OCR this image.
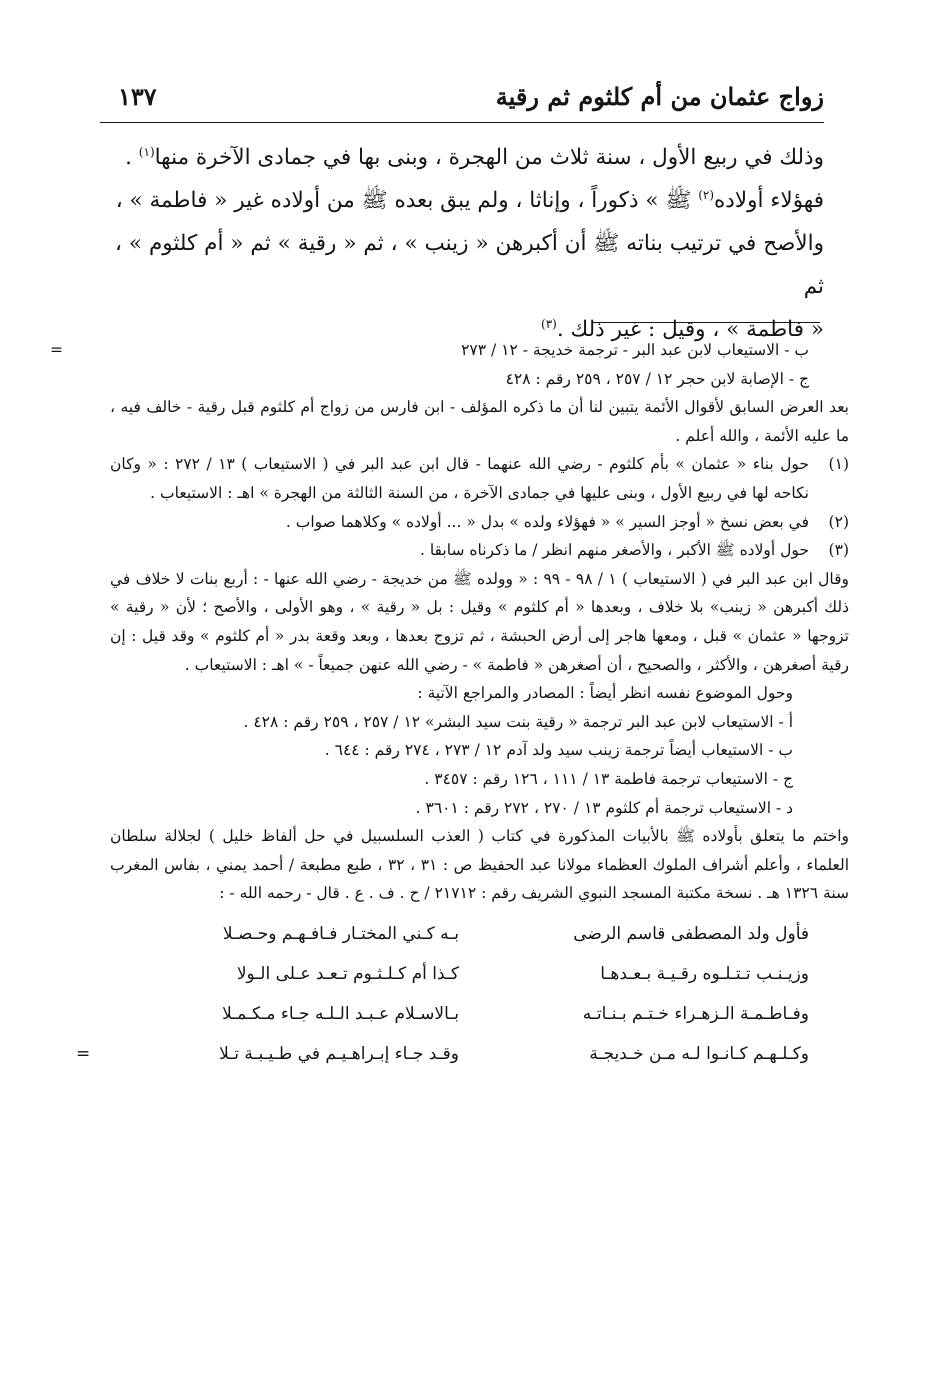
زواج عثمان من أم كلثوم ثم رقية
١٣٧

وذلك في ربيع الأول ، سنة ثلاث من الهجرة ، وبنى بها في جمادى الآخرة منها$^{(١)}$ .

فهؤلاء أولاده$^{(٢)}$ ﷺ » ذكوراً ، وإناثا ، ولم يبق بعده ﷺ من أولاده غير « فاطمة » ،

والأصح في ترتيب بناته ﷺ أن أكبرهن « زينب » ، ثم « رقية » ثم « أم كلثوم » ، ثم

« فاطمة » ، وقيل : غير ذلك .$^{(٣)}$

=	ب - الاستيعاب لابن عبد البر - ترجمة خديجة - ١٢ / ٢٧٣
ج - الإصابة لابن حجر ١٢ / ٢٥٧ ، ٢٥٩ رقم : ٤٢٨
بعد العرض السابق لأقوال الأئمة يتبين لنا أن ما ذكره المؤلف - ابن فارس من زواج أم كلثوم قبل رقية - خالف فيه ، ما عليه الأئمة ، والله أعلم .
(١)
حول بناء « عثمان » بأم كلثوم - رضي الله عنهما - قال ابن عبد البر في ( الاستيعاب ) ١٣ / ٢٧٢ : « وكان نكاحه لها في ربيع الأول ، وبنى عليها في جمادى الآخرة ، من السنة الثالثة من الهجرة » اهـ : الاستيعاب .
(٢)
في بعض نسخ « أوجز السير » « فهؤلاء ولده » بدل « ... أولاده » وكلاهما صواب .
(٣)
حول أولاده ﷺ الأكبر ، والأصغر منهم انظر / ما ذكرناه سابقا .
وقال ابن عبد البر في ( الاستيعاب ) ١ / ٩٨ - ٩٩ : « وولده ﷺ من خديجة - رضي الله عنها - : أربع بنات لا خلاف في ذلك أكبرهن « زينب» بلا خلاف ، وبعدها « أم كلثوم » وقيل : بل « رقية » ، وهو الأولى ، والأصح ؛ لأن « رقية » تزوجها « عثمان » قبل ، ومعها هاجر إلى أرض الحبشة ، ثم تزوج بعدها ، وبعد وقعة بدر « أم كلثوم » وقد قيل : إن رقية أصغرهن ، والأكثر ، والصحيح ، أن أصغرهن « فاطمة » - رضي الله عنهن جميعاً - » اهـ : الاستيعاب .
وحول الموضوع نفسه انظر أيضاً : المصادر والمراجع الآتية :
أ - الاستيعاب لابن عبد البر ترجمة « رقية بنت سيد البشر» ١٢ / ٢٥٧ ، ٢٥٩ رقم : ٤٢٨ .
ب - الاستيعاب أيضاً ترجمة زينب سيد ولد آدم ١٢ / ٢٧٣ ، ٢٧٤ رقم : ٦٤٤ .
ج - الاستيعاب ترجمة فاطمة ١٣ / ١١١ ، ١٢٦ رقم : ٣٤٥٧ .
د - الاستيعاب ترجمة أم كلثوم ١٣ / ٢٧٠ ، ٢٧٢ رقم : ٣٦٠١ .
واختم ما يتعلق بأولاده ﷺ بالأبيات المذكورة في كتاب ( العذب السلسبيل في حل ألفاظ خليل ) لجلالة سلطان العلماء ، وأعلم أشراف الملوك العظماء مولانا عبد الحفيظ ص : ٣١ ، ٣٢ ، طبع مطبعة / أحمد يمني ، بفاس المغرب سنة ١٣٢٦ هـ . نسخة مكتبة المسجد النبوي الشريف رقم : ٢١٧١٢ / ح . ف . ع . قال - رحمه الله - :
فأول ولد المصطفى قاسم الرضى
بـه كـني المختـار فـافـهـم وحـصـلا
وزيـنـب تـتـلـوه رقـيـة بـعـدهـا
كـذا أم كـلـثـوم تـعـد عـلى الـولا
وفـاطـمـة الـزهـراء خـتـم بـنـاتـه
بـالاسـلام عـبـد الـلـه جـاء مـكـمـلا
وكـلـهـم كـانـوا لـه مـن خـديجـة
وقـد جـاء إبـراهـيـم في طـيـبـة تـلا
=
